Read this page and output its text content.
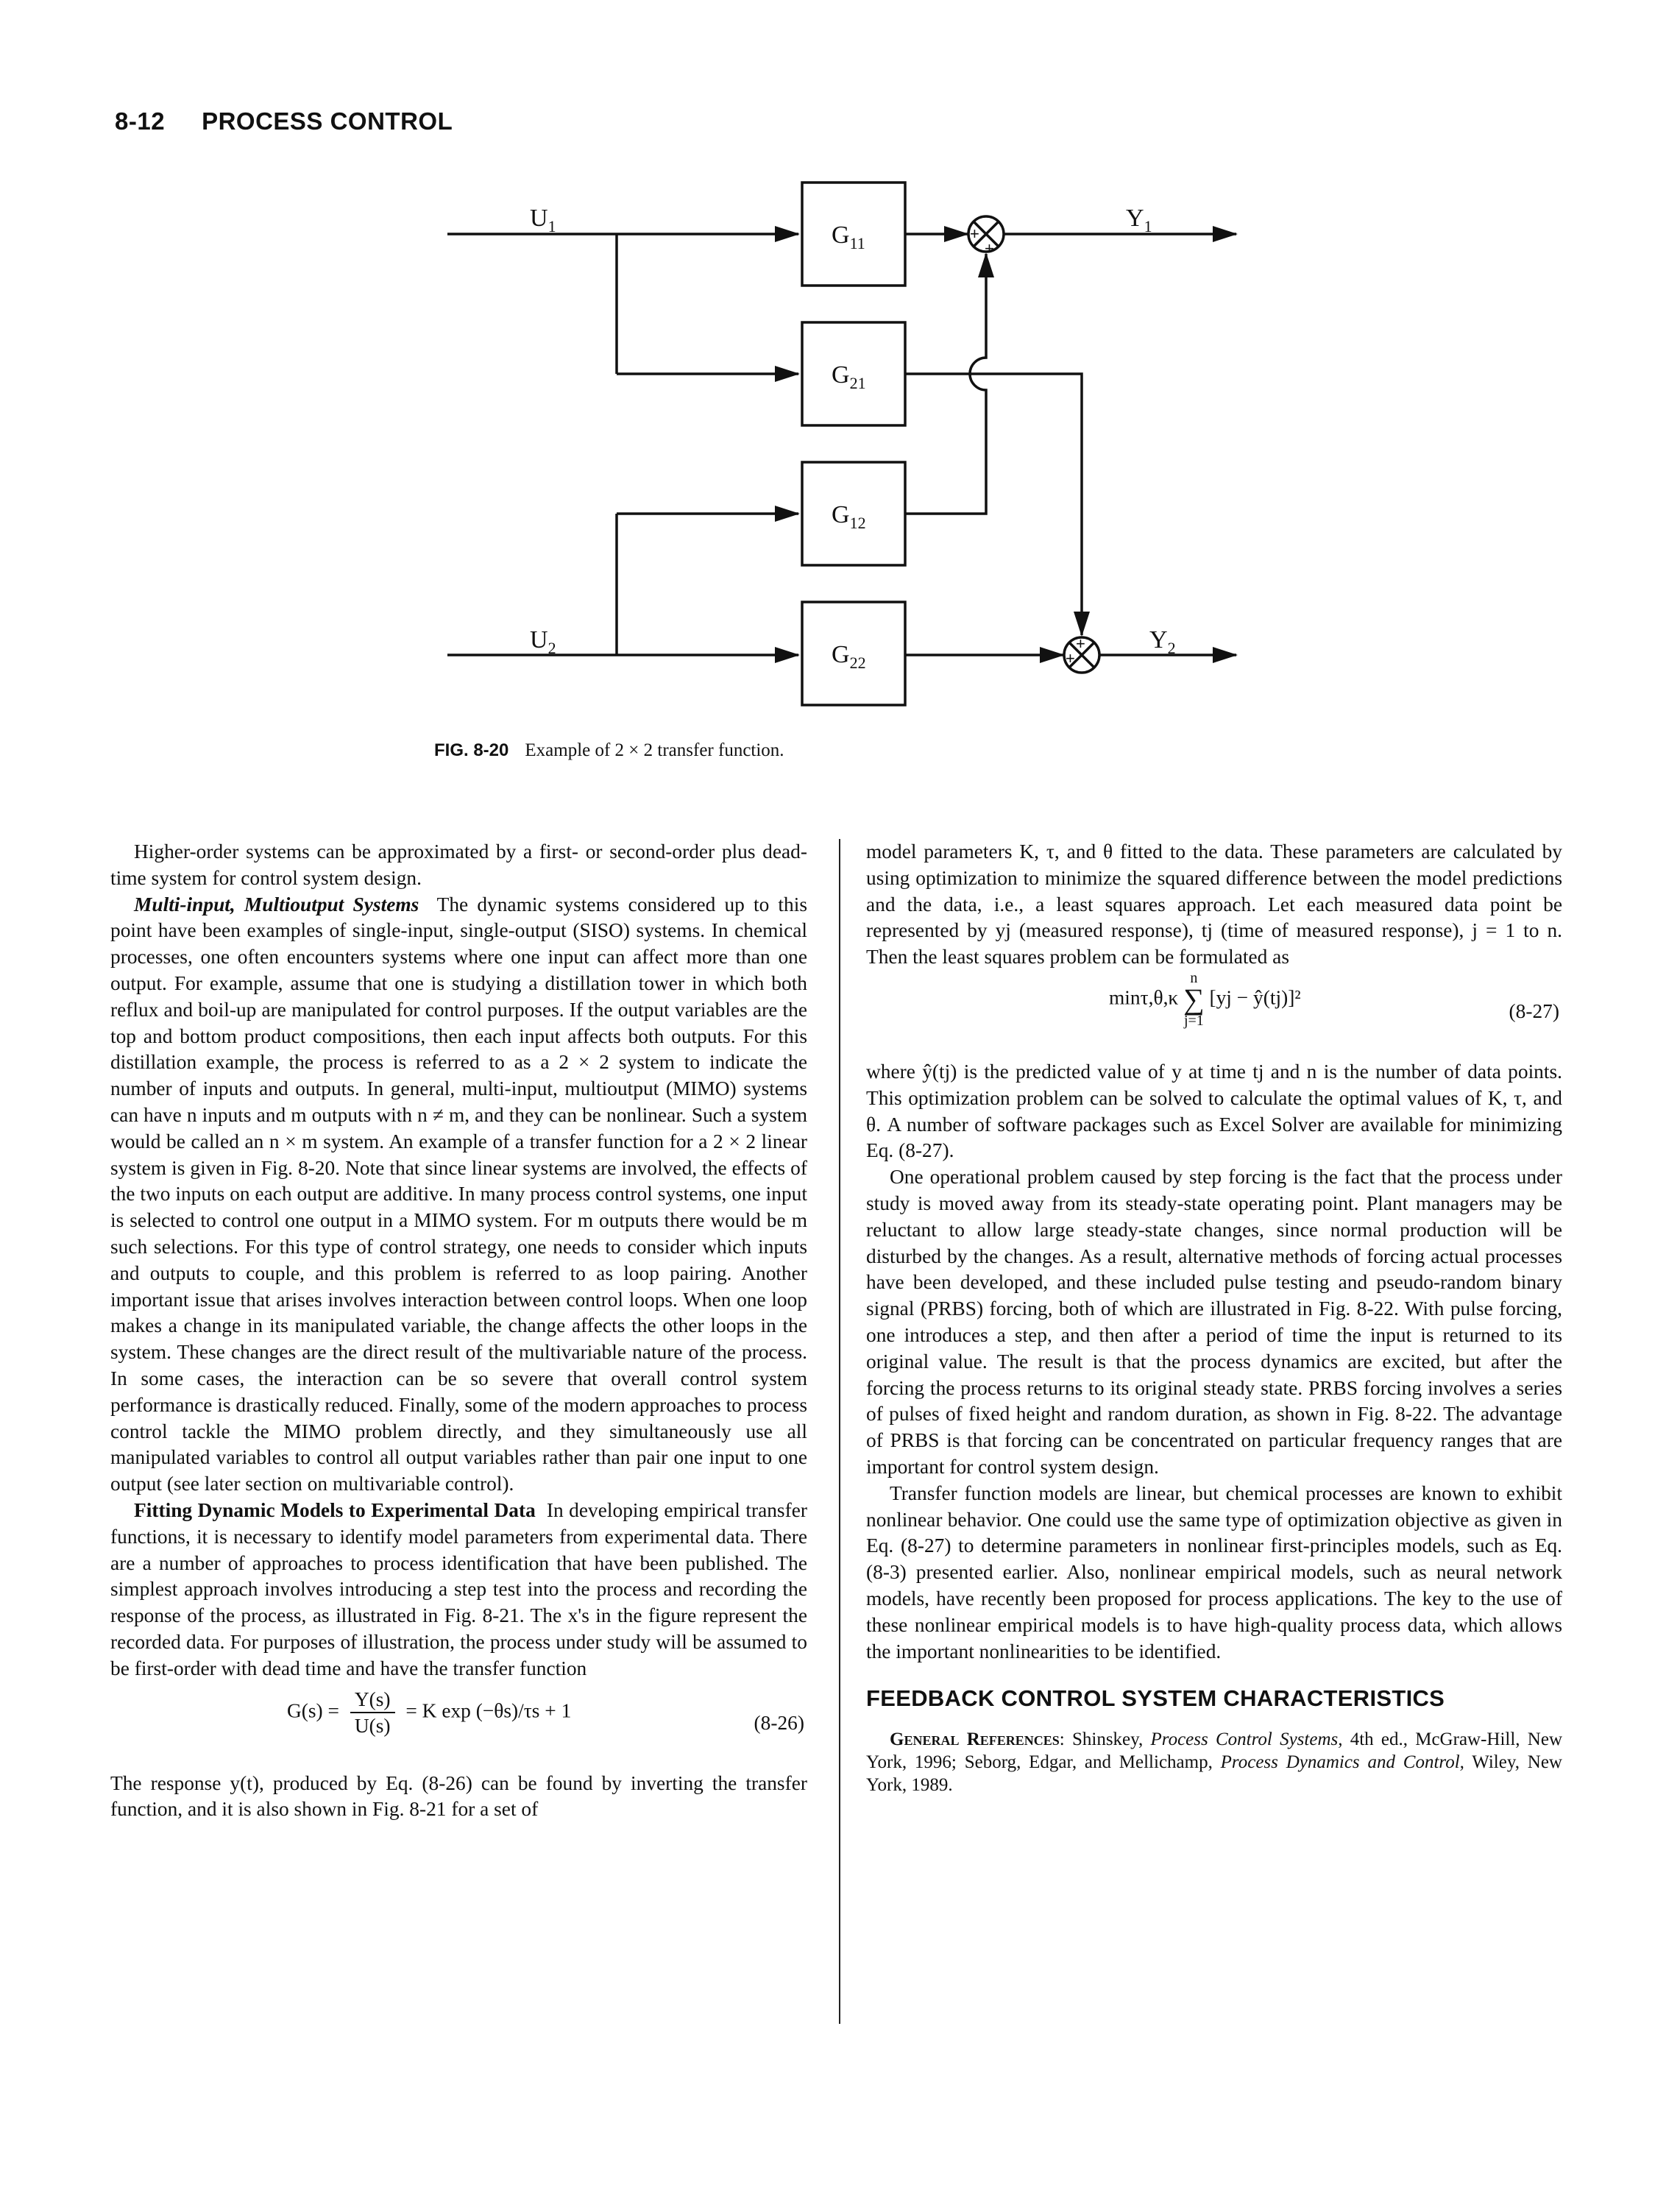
8-12 PROCESS CONTROL
$U_1$
$U_2$
$Y_1$
$Y_2$
$G_{11}$
$G_{21}$
$G_{12}$
$G_{22}$
+
+
+
+
FIG. 8-20 Example of 2 × 2 transfer function.

Higher-order systems can be approximated by a first- or second-order plus dead-time system for control system design.

Multi-input, Multioutput Systems The dynamic systems considered up to this point have been examples of single-input, single-output (SISO) systems. In chemical processes, one often encounters systems where one input can affect more than one output. For example, assume that one is studying a distillation tower in which both reflux and boil-up are manipulated for control purposes. If the output variables are the top and bottom product compositions, then each input affects both outputs. For this distillation example, the process is referred to as a 2 × 2 system to indicate the number of inputs and outputs. In general, multi-input, multioutput (MIMO) systems can have n inputs and m outputs with n ≠ m, and they can be nonlinear. Such a system would be called an n × m system. An example of a transfer function for a 2 × 2 linear system is given in Fig. 8-20. Note that since linear systems are involved, the effects of the two inputs on each output are additive. In many process control systems, one input is selected to control one output in a MIMO system. For m outputs there would be m such selections. For this type of control strategy, one needs to consider which inputs and outputs to couple, and this problem is referred to as loop pairing. Another important issue that arises involves interaction between control loops. When one loop makes a change in its manipulated variable, the change affects the other loops in the system. These changes are the direct result of the multivariable nature of the process. In some cases, the interaction can be so severe that overall control system performance is drastically reduced. Finally, some of the modern approaches to process control tackle the MIMO problem directly, and they simultaneously use all manipulated variables to control all output variables rather than pair one input to one output (see later section on multivariable control).

Fitting Dynamic Models to Experimental Data In developing empirical transfer functions, it is necessary to identify model parameters from experimental data. There are a number of approaches to process identification that have been published. The simplest approach involves introducing a step test into the process and recording the response of the process, as illustrated in Fig. 8-21. The x's in the figure represent the recorded data. For purposes of illustration, the process under study will be assumed to be first-order with dead time and have the transfer function

$G(s) = \frac{Y(s)}{U(s)} = K$ exp (−θs)/τs + 1
(8-26)

The response y(t), produced by Eq. (8-26) can be found by inverting the transfer function, and it is also shown in Fig. 8-21 for a set of

model parameters K, τ, and θ fitted to the data. These parameters are calculated by using optimization to minimize the squared difference between the model predictions and the data, i.e., a least squares approach. Let each measured data point be represented by yj (measured response), tj (time of measured response), j = 1 to n. Then the least squares problem can be formulated as

minτ,θ,κ
n
∑
j=1
[yj − ŷ(tj)]²
(8-27)

where ŷ(tj) is the predicted value of y at time tj and n is the number of data points. This optimization problem can be solved to calculate the optimal values of K, τ, and θ. A number of software packages such as Excel Solver are available for minimizing Eq. (8-27).

One operational problem caused by step forcing is the fact that the process under study is moved away from its steady-state operating point. Plant managers may be reluctant to allow large steady-state changes, since normal production will be disturbed by the changes. As a result, alternative methods of forcing actual processes have been developed, and these included pulse testing and pseudo-random binary signal (PRBS) forcing, both of which are illustrated in Fig. 8-22. With pulse forcing, one introduces a step, and then after a period of time the input is returned to its original value. The result is that the process dynamics are excited, but after the forcing the process returns to its original steady state. PRBS forcing involves a series of pulses of fixed height and random duration, as shown in Fig. 8-22. The advantage of PRBS is that forcing can be concentrated on particular frequency ranges that are important for control system design.

Transfer function models are linear, but chemical processes are known to exhibit nonlinear behavior. One could use the same type of optimization objective as given in Eq. (8-27) to determine parameters in nonlinear first-principles models, such as Eq. (8-3) presented earlier. Also, nonlinear empirical models, such as neural network models, have recently been proposed for process applications. The key to the use of these nonlinear empirical models is to have high-quality process data, which allows the important nonlinearities to be identified.

FEEDBACK CONTROL SYSTEM CHARACTERISTICS

General References: Shinskey, Process Control Systems, 4th ed., McGraw-Hill, New York, 1996; Seborg, Edgar, and Mellichamp, Process Dynamics and Control, Wiley, New York, 1989.
